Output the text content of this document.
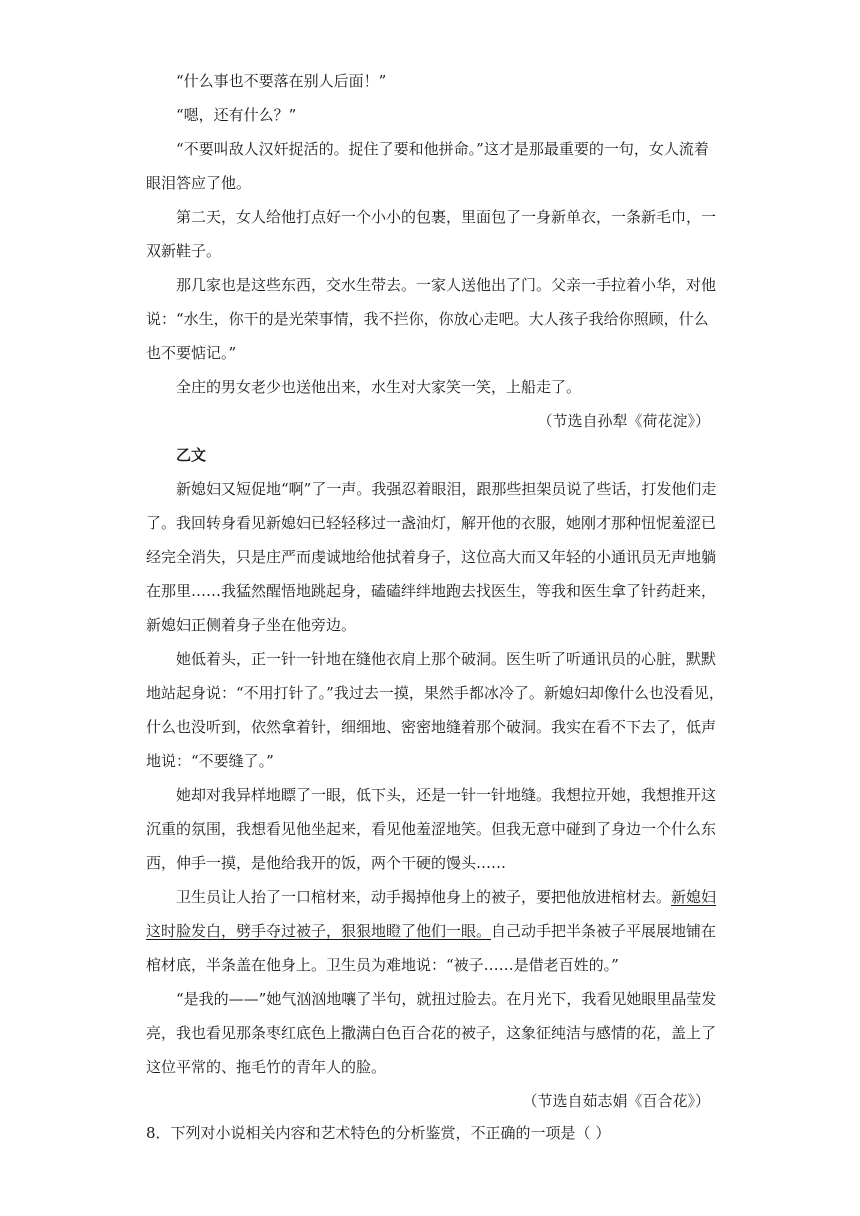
“什么事也不要落在别人后面！”
“嗯，还有什么？”
“不要叫敌人汉奸捉活的。捉住了要和他拼命。”这才是那最重要的一句，女人流着
眼泪答应了他。
第二天，女人给他打点好一个小小的包裹，里面包了一身新单衣，一条新毛巾，一
双新鞋子。
那几家也是这些东西，交水生带去。一家人送他出了门。父亲一手拉着小华，对他
说：“水生，你干的是光荣事情，我不拦你，你放心走吧。大人孩子我给你照顾，什么
也不要惦记。”
全庄的男女老少也送他出来，水生对大家笑一笑，上船走了。
（节选自孙犁《荷花淀》）
乙文
新媳妇又短促地“啊”了一声。我强忍着眼泪，跟那些担架员说了些话，打发他们走
了。我回转身看见新媳妇已轻轻移过一盏油灯，解开他的衣服，她刚才那种忸怩羞涩已
经完全消失，只是庄严而虔诚地给他拭着身子，这位高大而又年轻的小通讯员无声地躺
在那里……我猛然醒悟地跳起身，磕磕绊绊地跑去找医生，等我和医生拿了针药赶来，
新媳妇正侧着身子坐在他旁边。
她低着头，正一针一针地在缝他衣肩上那个破洞。医生听了听通讯员的心脏，默默
地站起身说：“不用打针了。”我过去一摸，果然手都冰冷了。新媳妇却像什么也没看见，
什么也没听到，依然拿着针，细细地、密密地缝着那个破洞。我实在看不下去了，低声
地说：“不要缝了。”
她却对我异样地瞟了一眼，低下头，还是一针一针地缝。我想拉开她，我想推开这
沉重的氛围，我想看见他坐起来，看见他羞涩地笑。但我无意中碰到了身边一个什么东
西，伸手一摸，是他给我开的饭，两个干硬的馒头……
卫生员让人抬了一口棺材来，动手揭掉他身上的被子，要把他放进棺材去。新媳妇
这时脸发白，劈手夺过被子，狠狠地瞪了他们一眼。自己动手把半条被子平展展地铺在
棺材底，半条盖在他身上。卫生员为难地说：“被子……是借老百姓的。”
“是我的——”她气汹汹地嚷了半句，就扭过脸去。在月光下，我看见她眼里晶莹发
亮，我也看见那条枣红底色上撒满白色百合花的被子，这象征纯洁与感情的花，盖上了
这位平常的、拖毛竹的青年人的脸。
（节选自茹志娟《百合花》）
8．下列对小说相关内容和艺术特色的分析鉴赏，不正确的一项是（ ）
